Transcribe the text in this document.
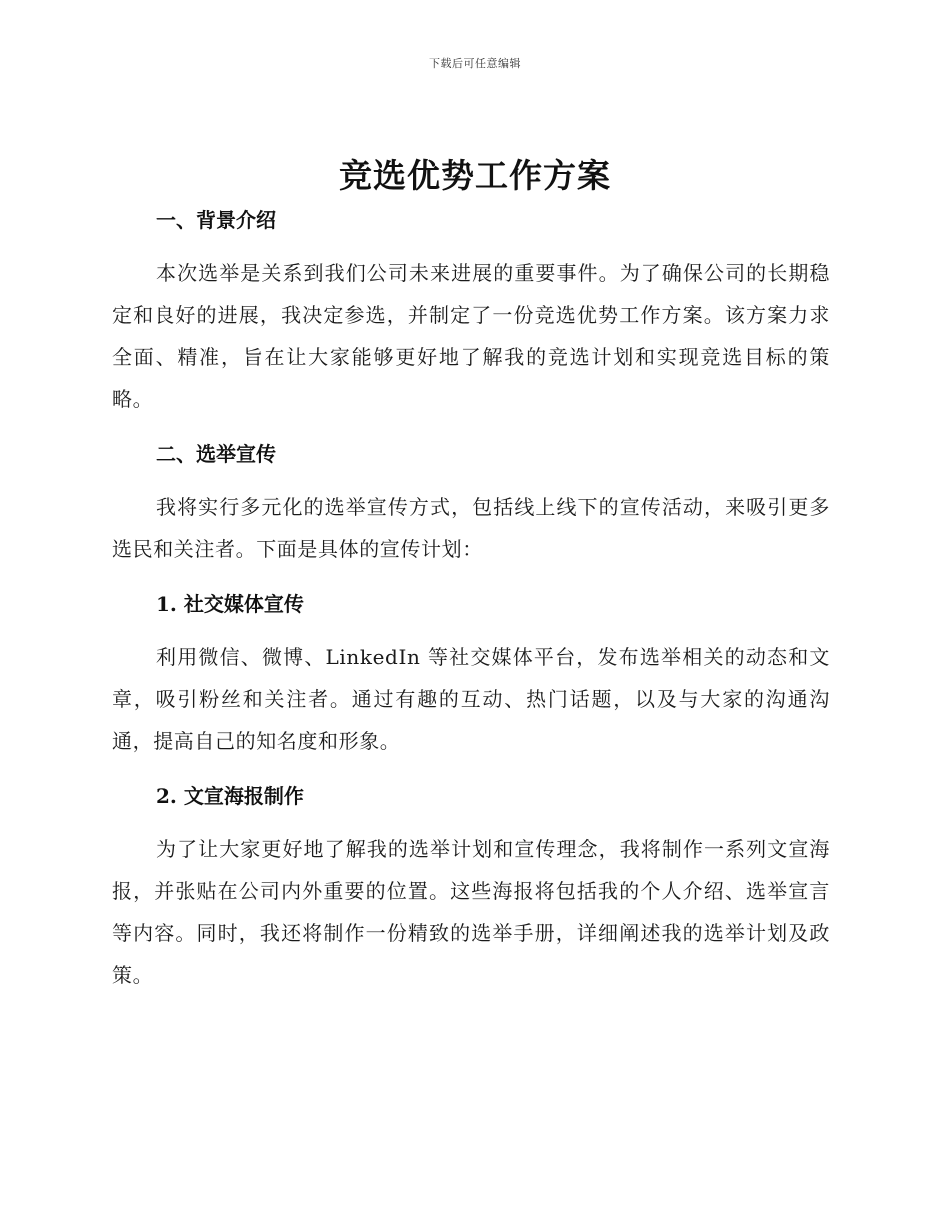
下载后可任意编辑
竞选优势工作方案
一、背景介绍

本次选举是关系到我们公司未来进展的重要事件。为了确保公司的长期稳定和良好的进展，我决定参选，并制定了一份竞选优势工作方案。该方案力求全面、精准，旨在让大家能够更好地了解我的竞选计划和实现竞选目标的策略。

二、选举宣传

我将实行多元化的选举宣传方式，包括线上线下的宣传活动，来吸引更多选民和关注者。下面是具体的宣传计划：

1. 社交媒体宣传

利用微信、微博、LinkedIn 等社交媒体平台，发布选举相关的动态和文章，吸引粉丝和关注者。通过有趣的互动、热门话题，以及与大家的沟通沟通，提高自己的知名度和形象。

2. 文宣海报制作

为了让大家更好地了解我的选举计划和宣传理念，我将制作一系列文宣海报，并张贴在公司内外重要的位置。这些海报将包括我的个人介绍、选举宣言等内容。同时，我还将制作一份精致的选举手册，详细阐述我的选举计划及政策。
